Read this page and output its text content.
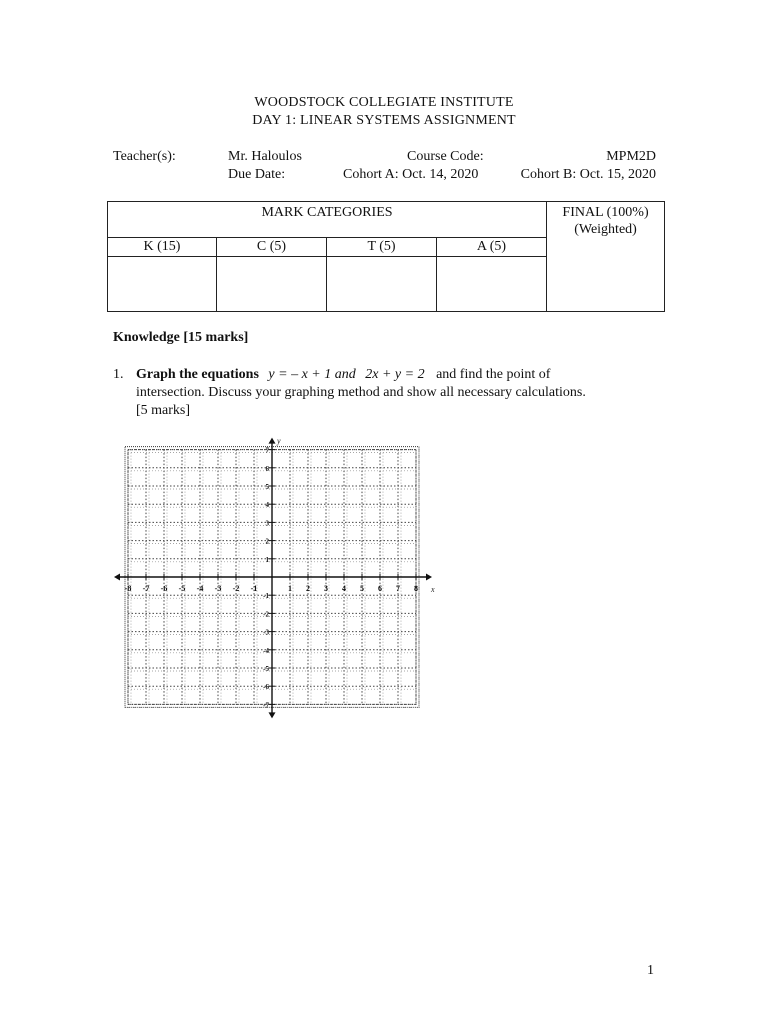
WOODSTOCK COLLEGIATE INSTITUTE
DAY 1: LINEAR SYSTEMS ASSIGNMENT
Teacher(s):	Mr. Haloulos	Course Code:	MPM2D
Due Date:	Cohort A: Oct. 14, 2020	Cohort B: Oct. 15, 2020
MARK CATEGORIES				FINAL (100%)
(Weighted)

K (15)	C (5)	T (5)	A (5)	

Knowledge [15 marks]
1. Graph the equations y = – x + 1 and 2x + y = 2 and find the point of
intersection. Discuss your graphing method and show all necessary calculations.
[5 marks]
x
y
-8 -7 -6 -5 -4 -3 -2 -1	1 2 3 4 5 6 7 8
7
6
5
4
3
2
1
-1
-2
-3
-4
-5
-6
-7
1
